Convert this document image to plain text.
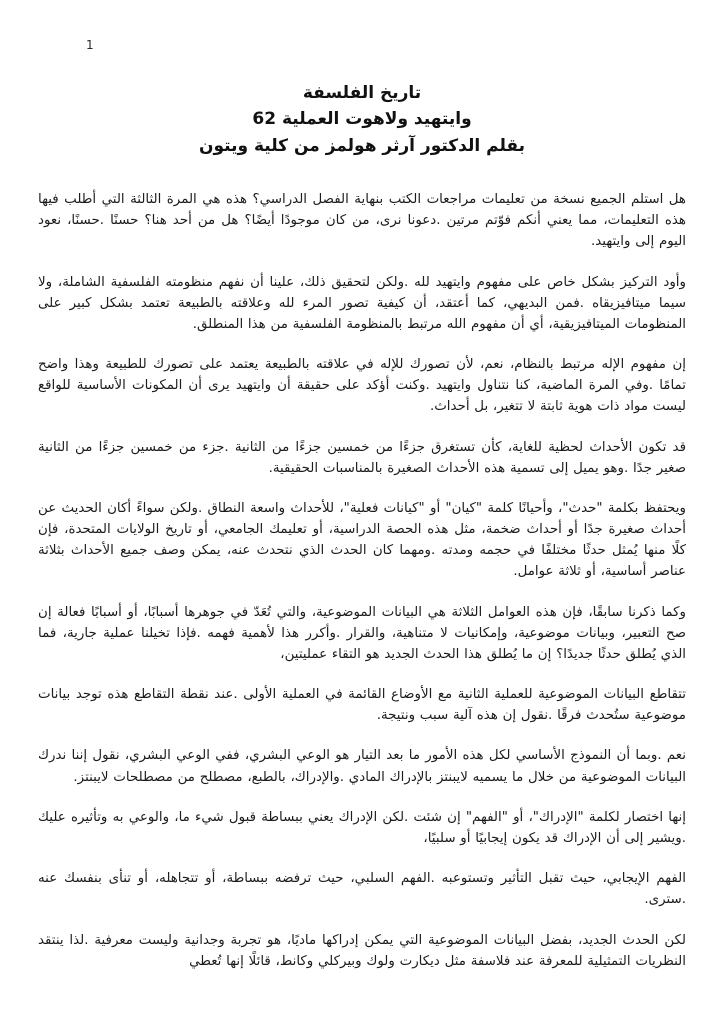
1
تاريخ الفلسفة
وايتهيد ولاهوت العملية 62
بقلم الدكتور آرثر هولمز من كلية ويتون

هل استلم الجميع نسخة من تعليمات مراجعات الكتب بنهاية الفصل الدراسي؟ هذه هي المرة الثالثة التي أطلب فيها هذه التعليمات، مما يعني أنكم فوّتم مرتين .دعونا نرى، من كان موجودًا أيضًا؟ هل من أحد هنا؟ حسنًا .حسنًا، نعود اليوم إلى وايتهيد.

وأود التركيز بشكل خاص على مفهوم وايتهيد لله .ولكن لتحقيق ذلك، علينا أن نفهم منظومته الفلسفية الشاملة، ولا سيما ميتافيزيقاه .فمن البديهي، كما أعتقد، أن كيفية تصور المرء لله وعلاقته بالطبيعة تعتمد بشكل كبير على المنظومات الميتافيزيقية، أي أن مفهوم الله مرتبط بالمنظومة الفلسفية من هذا المنطلق.

إن مفهوم الإله مرتبط بالنظام، نعم، لأن تصورك للإله في علاقته بالطبيعة يعتمد على تصورك للطبيعة وهذا واضح تمامًا .وفي المرة الماضية، كنا نتناول وايتهيد .وكنت أؤكد على حقيقة أن وايتهيد يرى أن المكونات الأساسية للواقع ليست مواد ذات هوية ثابتة لا تتغير، بل أحداث.

قد تكون الأحداث لحظية للغاية، كأن تستغرق جزءًا من خمسين جزءًا من الثانية .جزء من خمسين جزءًا من الثانية صغير جدًا .وهو يميل إلى تسمية هذه الأحداث الصغيرة بالمناسبات الحقيقية.

ويحتفظ بكلمة "حدث"، وأحيانًا كلمة "كيان" أو "كيانات فعلية"، للأحداث واسعة النطاق .ولكن سواءً أكان الحديث عن أحداث صغيرة جدًا أو أحداث ضخمة، مثل هذه الحصة الدراسية، أو تعليمك الجامعي، أو تاريخ الولايات المتحدة، فإن كلًا منها يُمثل حدثًا مختلفًا في حجمه ومدته .ومهما كان الحدث الذي نتحدث عنه، يمكن وصف جميع الأحداث بثلاثة عناصر أساسية، أو ثلاثة عوامل.

وكما ذكرنا سابقًا، فإن هذه العوامل الثلاثة هي البيانات الموضوعية، والتي تُعَدّ في جوهرها أسبابًا، أو أسبابًا فعالة إن صح التعبير، وبيانات موضوعية، وإمكانيات لا متناهية، والقرار .وأكرر هذا لأهمية فهمه .فإذا تخيلنا عملية جارية، فما الذي يُطلق حدثًا جديدًا؟ إن ما يُطلق هذا الحدث الجديد هو التقاء عمليتين،

تتقاطع البيانات الموضوعية للعملية الثانية مع الأوضاع القائمة في العملية الأولى .عند نقطة التقاطع هذه توجد بيانات موضوعية ستُحدث فرقًا .نقول إن هذه آلية سبب ونتيجة.

نعم .وبما أن النموذج الأساسي لكل هذه الأمور ما بعد التيار هو الوعي البشري، ففي الوعي البشري، نقول إننا ندرك البيانات الموضوعية من خلال ما يسميه لايبنتز بالإدراك المادي .والإدراك، بالطبع، مصطلح من مصطلحات لايبنتز.

إنها اختصار لكلمة "الإدراك"، أو "الفهم" إن شئت .لكن الإدراك يعني ببساطة قبول شيء ما، والوعي به وتأثيره عليك .ويشير إلى أن الإدراك قد يكون إيجابيًا أو سلبيًا،

الفهم الإيجابي، حيث تقبل التأثير وتستوعبه .الفهم السلبي، حيث ترفضه ببساطة، أو تتجاهله، أو تنأى بنفسك عنه .سترى.

لكن الحدث الجديد، بفضل البيانات الموضوعية التي يمكن إدراكها ماديًا، هو تجربة وجدانية وليست معرفية .لذا ينتقد النظريات التمثيلية للمعرفة عند فلاسفة مثل ديكارت ولوك وبيركلي وكانط، قائلًا إنها تُعطي
